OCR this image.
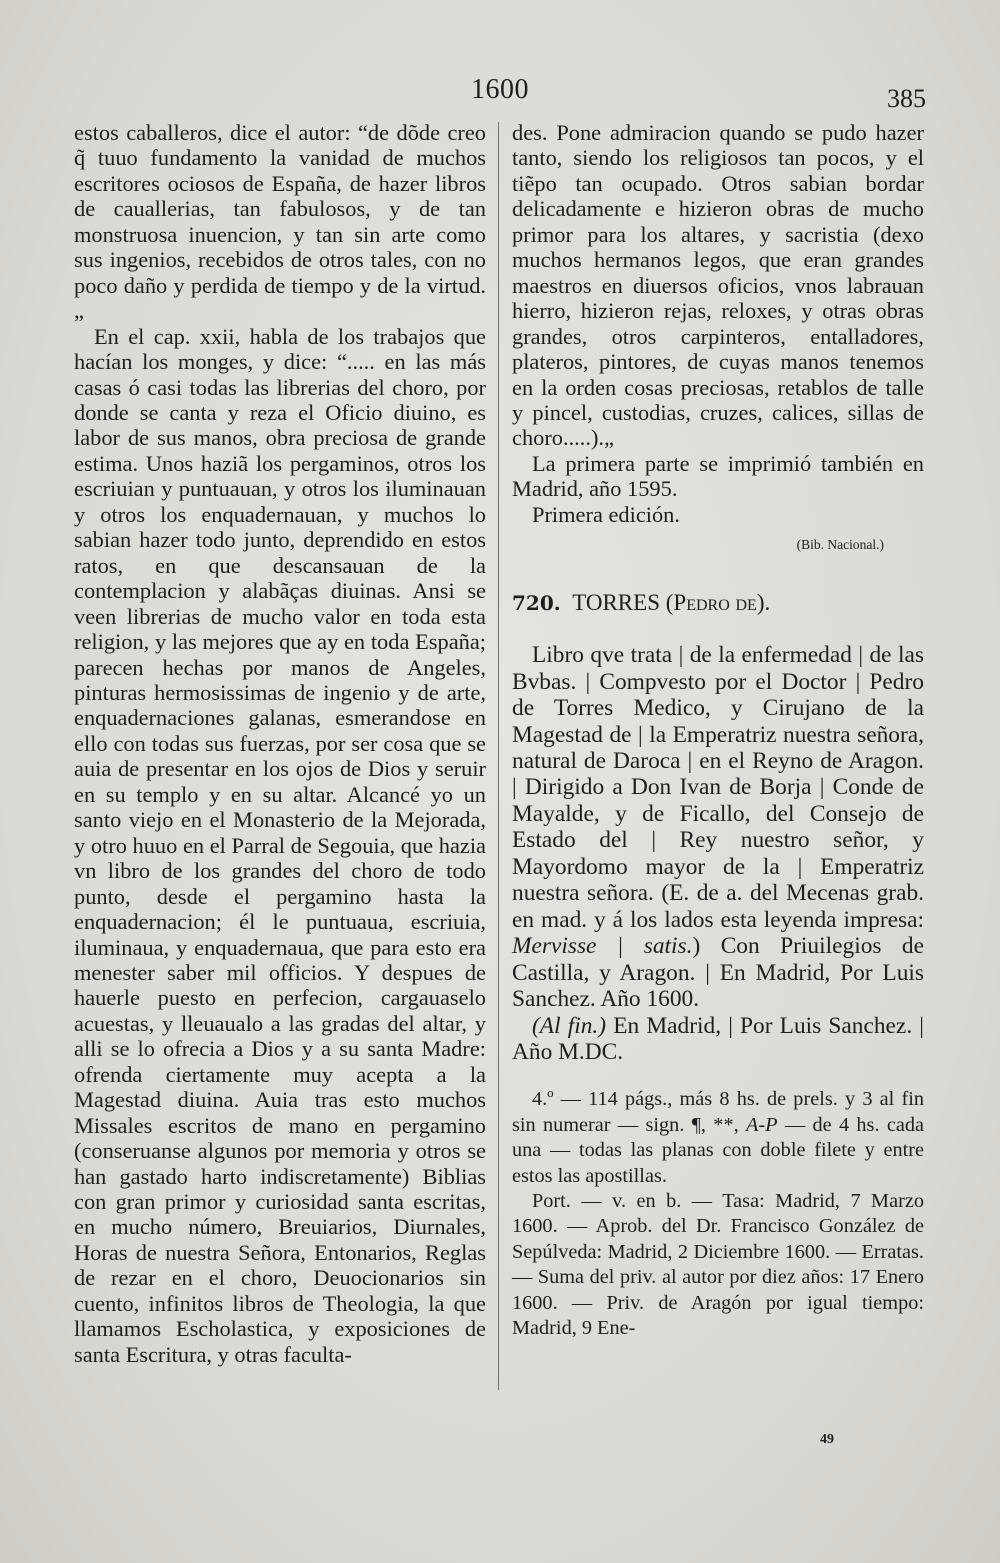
1600	385

estos caballeros, dice el autor: “de dõde creo q̃ tuuo fundamento la vanidad de muchos escritores ociosos de España, de hazer libros de cauallerias, tan fabulosos, y de tan monstruosa inuencion, y tan sin arte como sus ingenios, recebidos de otros tales, con no poco daño y perdida de tiempo y de la virtud.„

En el cap. xxii, habla de los trabajos que hacían los monges, y dice: “..... en las más casas ó casi todas las librerias del choro, por donde se canta y reza el Oficio diuino, es labor de sus manos, obra preciosa de grande estima. Unos haziã los pergaminos, otros los escriuian y puntuauan, y otros los iluminauan y otros los enquadernauan, y muchos lo sabian hazer todo junto, deprendido en estos ratos, en que descansauan de la contemplacion y alabãças diuinas. Ansi se veen librerias de mucho valor en toda esta religion, y las mejores que ay en toda España; parecen hechas por manos de Angeles, pinturas hermosissimas de ingenio y de arte, enquadernaciones galanas, esmerandose en ello con todas sus fuerzas, por ser cosa que se auia de presentar en los ojos de Dios y seruir en su templo y en su altar. Alcancé yo un santo viejo en el Monasterio de la Mejorada, y otro huuo en el Parral de Segouia, que hazia vn libro de los grandes del choro de todo punto, desde el pergamino hasta la enquadernacion; él le puntuaua, escriuia, iluminaua, y enquadernaua, que para esto era menester saber mil officios. Y despues de hauerle puesto en perfecion, cargauaselo acuestas, y lleuaualo a las gradas del altar, y alli se lo ofrecia a Dios y a su santa Madre: ofrenda ciertamente muy acepta a la Magestad diuina. Auia tras esto muchos Missales escritos de mano en pergamino (conseruanse algunos por memoria y otros se han gastado harto indiscretamente) Biblias con gran primor y curiosidad santa escritas, en mucho número, Breuiarios, Diurnales, Horas de nuestra Señora, Entonarios, Reglas de rezar en el choro, Deuocionarios sin cuento, infinitos libros de Theologia, la que llamamos Escholastica, y exposiciones de santa Escritura, y otras faculta-

des. Pone admiracion quando se pudo hazer tanto, siendo los religiosos tan pocos, y el tiẽpo tan ocupado. Otros sabian bordar delicadamente e hizieron obras de mucho primor para los altares, y sacristia (dexo muchos hermanos legos, que eran grandes maestros en diuersos oficios, vnos labrauan hierro, hizieron rejas, reloxes, y otras obras grandes, otros carpinteros, entalladores, plateros, pintores, de cuyas manos tenemos en la orden cosas preciosas, retablos de talle y pincel, custodias, cruzes, calices, sillas de choro.....).„

La primera parte se imprimió también en Madrid, año 1595.

Primera edición.

(Bib. Nacional.)

720. TORRES (Pedro de).

Libro qve trata | de la enfermedad | de las Bvbas. | Compvesto por el Doctor | Pedro de Torres Medico, y Cirujano de la Magestad de | la Emperatriz nuestra señora, natural de Daroca | en el Reyno de Aragon. | Dirigido a Don Ivan de Borja | Conde de Mayalde, y de Ficallo, del Consejo de Estado del | Rey nuestro señor, y Mayordomo mayor de la | Emperatriz nuestra señora. (E. de a. del Mecenas grab. en mad. y á los lados esta leyenda impresa: Mervisse | satis.) Con Priuilegios de Castilla, y Aragon. | En Madrid, Por Luis Sanchez. Año 1600.

(Al fin.) En Madrid, | Por Luis Sanchez. | Año M.DC.

4.º — 114 págs., más 8 hs. de prels. y 3 al fin sin numerar — sign. ¶, **, A-P — de 4 hs. cada una — todas las planas con doble filete y entre estos las apostillas.

Port. — v. en b. — Tasa: Madrid, 7 Marzo 1600. — Aprob. del Dr. Francisco González de Sepúlveda: Madrid, 2 Diciembre 1600. — Erratas. — Suma del priv. al autor por diez años: 17 Enero 1600. — Priv. de Aragón por igual tiempo: Madrid, 9 Ene-

49
